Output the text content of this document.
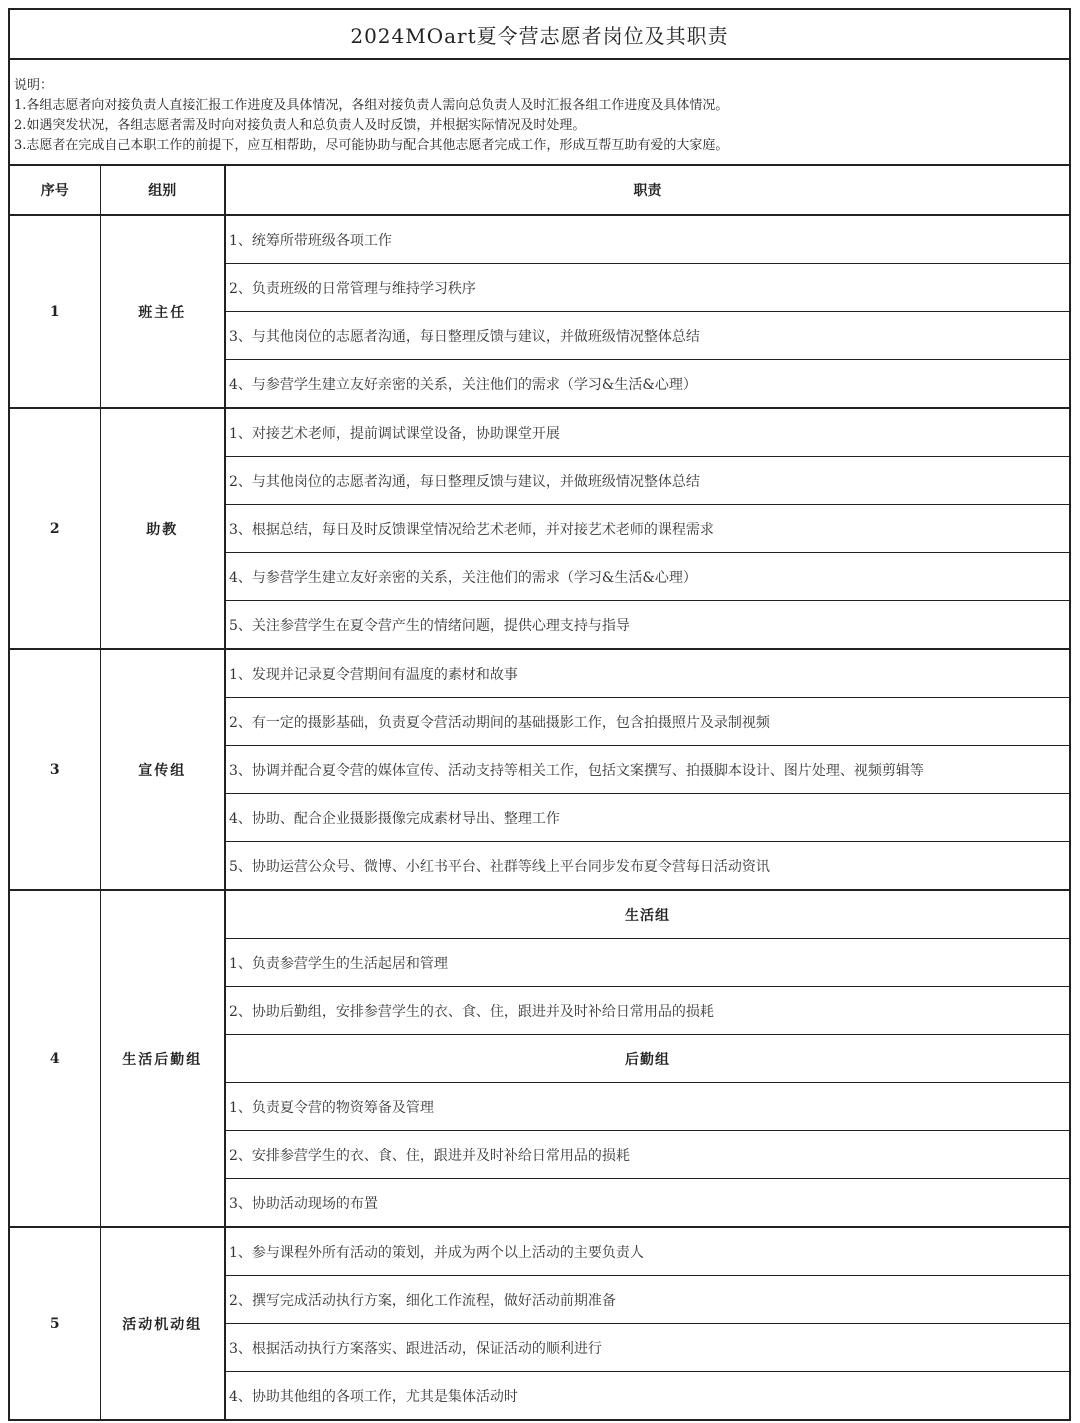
2024MOart夏令营志愿者岗位及其职责
说明：
1.各组志愿者向对接负责人直接汇报工作进度及具体情况，各组对接负责人需向总负责人及时汇报各组工作进度及具体情况。
2.如遇突发状况，各组志愿者需及时向对接负责人和总负责人及时反馈，并根据实际情况及时处理。
3.志愿者在完成自己本职工作的前提下，应互相帮助，尽可能协助与配合其他志愿者完成工作，形成互帮互助有爱的大家庭。
序号	组别	职责
1	班主任	1、统筹所带班级各项工作
		2、负责班级的日常管理与维持学习秩序
		3、与其他岗位的志愿者沟通，每日整理反馈与建议，并做班级情况整体总结
		4、与参营学生建立友好亲密的关系，关注他们的需求（学习&生活&心理）
2	助教	1、对接艺术老师，提前调试课堂设备，协助课堂开展
		2、与其他岗位的志愿者沟通，每日整理反馈与建议，并做班级情况整体总结
		3、根据总结，每日及时反馈课堂情况给艺术老师，并对接艺术老师的课程需求
		4、与参营学生建立友好亲密的关系，关注他们的需求（学习&生活&心理）
		5、关注参营学生在夏令营产生的情绪问题，提供心理支持与指导
3	宣传组	1、发现并记录夏令营期间有温度的素材和故事
		2、有一定的摄影基础，负责夏令营活动期间的基础摄影工作，包含拍摄照片及录制视频
		3、协调并配合夏令营的媒体宣传、活动支持等相关工作，包括文案撰写、拍摄脚本设计、图片处理、视频剪辑等
		4、协助、配合企业摄影摄像完成素材导出、整理工作
		5、协助运营公众号、微博、小红书平台、社群等线上平台同步发布夏令营每日活动资讯
4	生活后勤组	生活组
		1、负责参营学生的生活起居和管理
		2、协助后勤组，安排参营学生的衣、食、住，跟进并及时补给日常用品的损耗
		后勤组
		1、负责夏令营的物资筹备及管理
		2、安排参营学生的衣、食、住，跟进并及时补给日常用品的损耗
		3、协助活动现场的布置
5	活动机动组	1、参与课程外所有活动的策划，并成为两个以上活动的主要负责人
		2、撰写完成活动执行方案，细化工作流程，做好活动前期准备
		3、根据活动执行方案落实、跟进活动，保证活动的顺利进行
		4、协助其他组的各项工作，尤其是集体活动时
